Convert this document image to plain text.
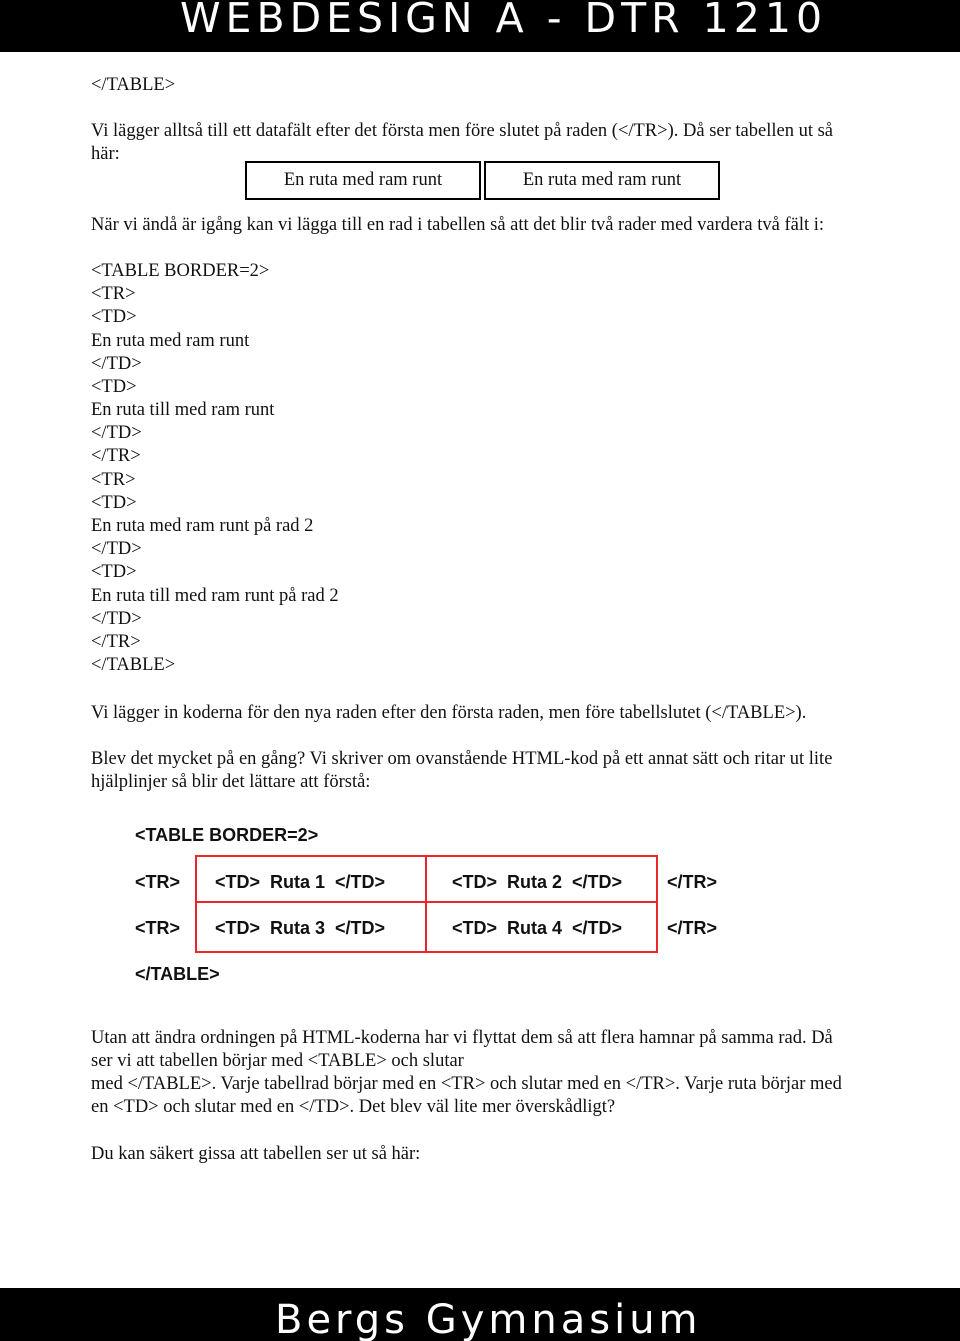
WEBDESIGN A - DTR 1210
</TABLE>
Vi lägger alltså till ett datafält efter det första men före slutet på raden (</TR>). Då ser tabellen ut så
här:
En ruta med ram runt	En ruta med ram runt
När vi ändå är igång kan vi lägga till en rad i tabellen så att det blir två rader med vardera två fält i:
<TABLE BORDER=2>
<TR>
<TD>
En ruta med ram runt
</TD>
<TD>
En ruta till med ram runt
</TD>
</TR>
<TR>
<TD>
En ruta med ram runt på rad 2
</TD>
<TD>
En ruta till med ram runt på rad 2
</TD>
</TR>
</TABLE>
Vi lägger in koderna för den nya raden efter den första raden, men före tabellslutet (</TABLE>).
Blev det mycket på en gång? Vi skriver om ovanstående HTML-kod på ett annat sätt och ritar ut lite
hjälplinjer så blir det lättare att förstå:
<TABLE BORDER=2>
<TR> <TD>  Ruta 1  </TD>	<TD>  Ruta 2  </TD> </TR>
<TR> <TD>  Ruta 3  </TD>	<TD>  Ruta 4  </TD> </TR>
</TABLE>
Utan att ändra ordningen på HTML-koderna har vi flyttat dem så att flera hamnar på samma rad. Då
ser vi att tabellen börjar med <TABLE> och slutar
med </TABLE>. Varje tabellrad börjar med en <TR> och slutar med en </TR>. Varje ruta börjar med
en <TD> och slutar med en </TD>. Det blev väl lite mer överskådligt?
Du kan säkert gissa att tabellen ser ut så här:
Bergs Gymnasium
